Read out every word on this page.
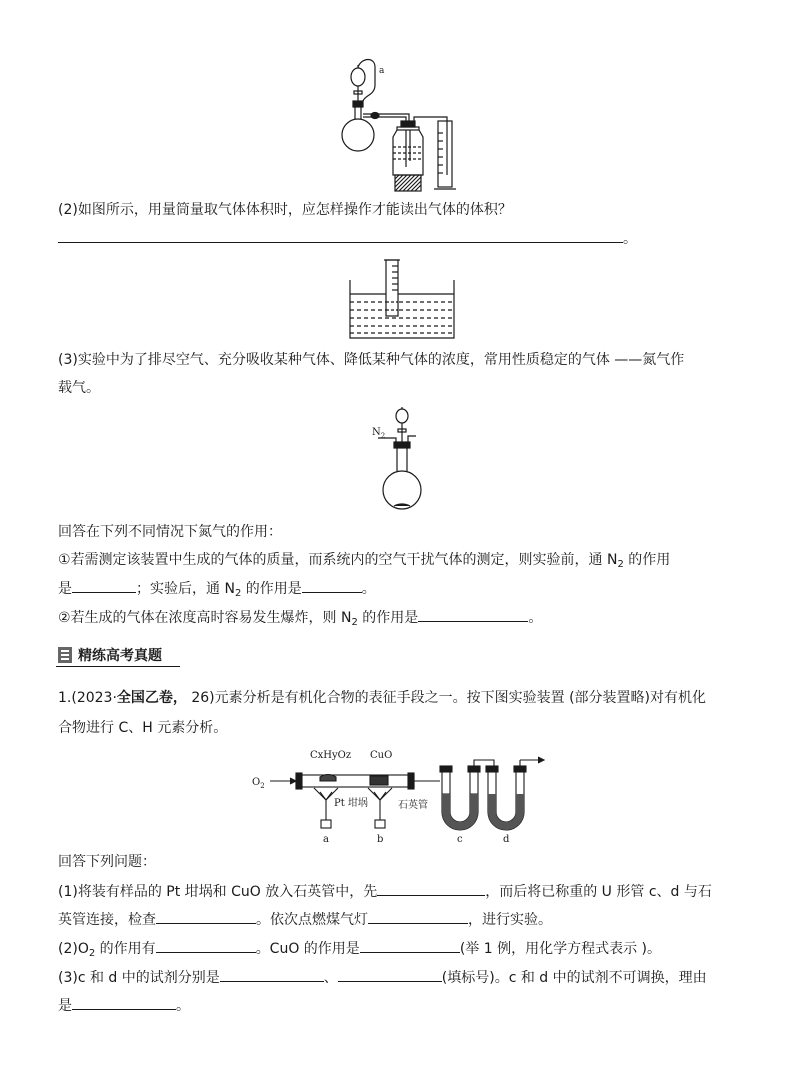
a
(2)如图所示，用量筒量取气体体积时，应怎样操作才能读出气体的体积？
。
(3)实验中为了排尽空气、充分吸收某种气体、降低某种气体的浓度，常用性质稳定的气体 ——氮气作
载气。
$N_2$
回答在下列不同情况下氮气的作用：
①若需测定该装置中生成的气体的质量，而系统内的空气干扰气体的测定，则实验前，通 $N_2$ 的作用
是	；实验后，通 $N_2$ 的作用是	。
②若生成的气体在浓度高时容易发生爆炸，则 $N_2$ 的作用是	。
精练高考真题
1.(2023·全国乙卷， 26)元素分析是有机化合物的表征手段之一。按下图实验装置 (部分装置略)对有机化
合物进行 C、H 元素分析。
CxHyOz CuO
$O_2$
Pt 坩埚	石英管
a	b	c	d
回答下列问题：
(1)将装有样品的 Pt 坩埚和 CuO 放入石英管中，先	，而后将已称重的 U 形管 c、d 与石
英管连接，检查	。依次点燃煤气灯	，进行实验。
$(2)O_2$ 的作用有	。CuO 的作用是	(举 1 例，用化学方程式表示 )。
(3)c 和 d 中的试剂分别是	、	(填标号)。c 和 d 中的试剂不可调换，理由
是	。
